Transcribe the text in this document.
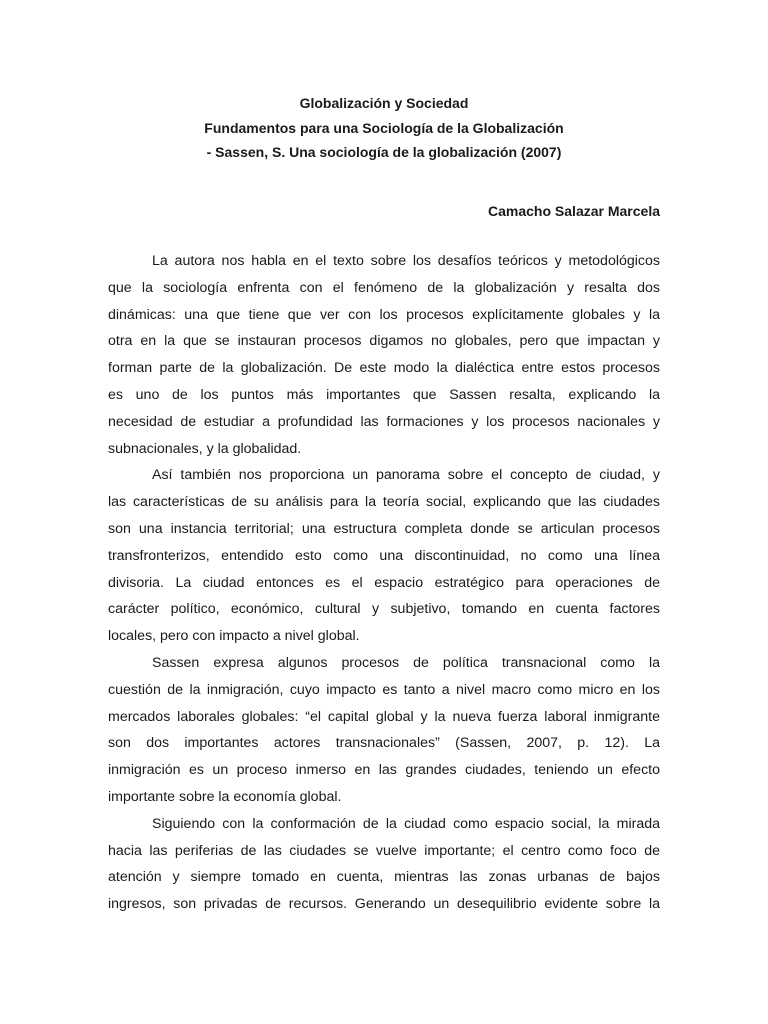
Globalización y Sociedad
Fundamentos para una Sociología de la Globalización
- Sassen, S. Una sociología de la globalización (2007)
Camacho Salazar Marcela

La autora nos habla en el texto sobre los desafíos teóricos y metodológicos
que la sociología enfrenta con el fenómeno de la globalización y resalta dos
dinámicas: una que tiene que ver con los procesos explícitamente globales y la
otra en la que se instauran procesos digamos no globales, pero que impactan y
forman parte de la globalización. De este modo la dialéctica entre estos procesos
es uno de los puntos más importantes que Sassen resalta, explicando la
necesidad de estudiar a profundidad las formaciones y los procesos nacionales y
subnacionales, y la globalidad.

Así también nos proporciona un panorama sobre el concepto de ciudad, y
las características de su análisis para la teoría social, explicando que las ciudades
son una instancia territorial; una estructura completa donde se articulan procesos
transfronterizos, entendido esto como una discontinuidad, no como una línea
divisoria. La ciudad entonces es el espacio estratégico para operaciones de
carácter político, económico, cultural y subjetivo, tomando en cuenta factores
locales, pero con impacto a nivel global.

Sassen expresa algunos procesos de política transnacional como la
cuestión de la inmigración, cuyo impacto es tanto a nivel macro como micro en los
mercados laborales globales: “el capital global y la nueva fuerza laboral inmigrante
son dos importantes actores transnacionales” (Sassen, 2007, p. 12). La
inmigración es un proceso inmerso en las grandes ciudades, teniendo un efecto
importante sobre la economía global.

Siguiendo con la conformación de la ciudad como espacio social, la mirada
hacia las periferias de las ciudades se vuelve importante; el centro como foco de
atención y siempre tomado en cuenta, mientras las zonas urbanas de bajos
ingresos, son privadas de recursos. Generando un desequilibrio evidente sobre la
